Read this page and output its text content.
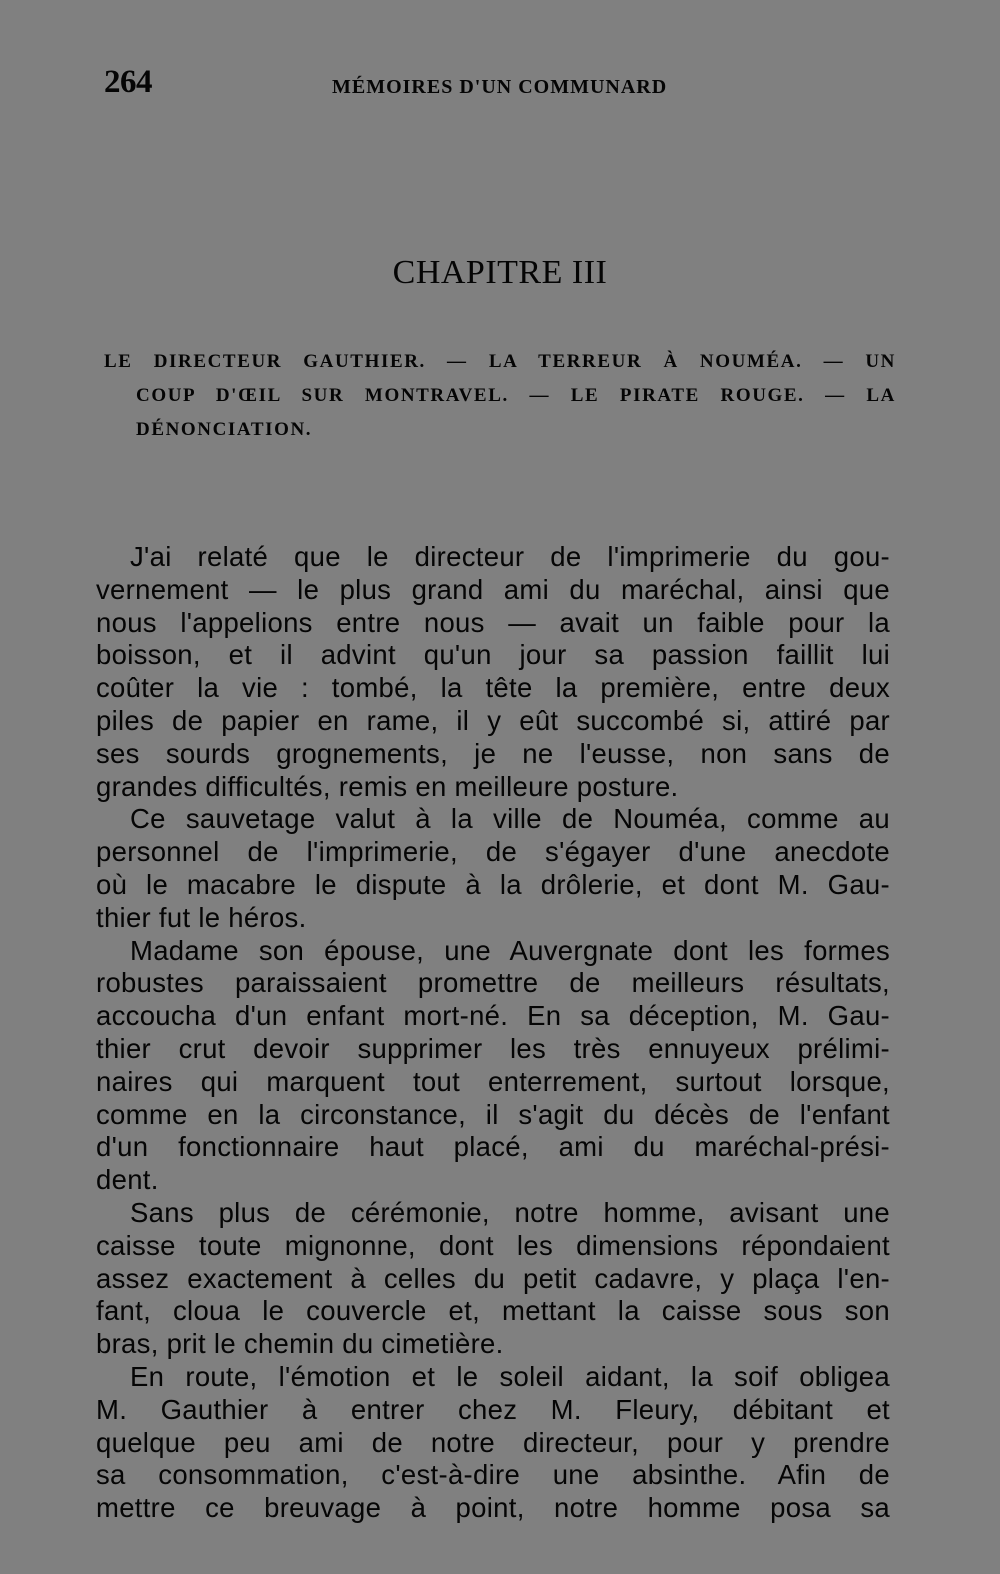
264	MÉMOIRES D'UN COMMUNARD
CHAPITRE III
LE DIRECTEUR GAUTHIER. — LA TERREUR À NOUMÉA. — UN
COUP D'ŒIL SUR MONTRAVEL. — LE PIRATE ROUGE. — LA
DÉNONCIATION.
J'ai relaté que le directeur de l'imprimerie du gou-
vernement — le plus grand ami du maréchal, ainsi que
nous l'appelions entre nous — avait un faible pour la
boisson, et il advint qu'un jour sa passion faillit lui
coûter la vie : tombé, la tête la première, entre deux
piles de papier en rame, il y eût succombé si, attiré par
ses sourds grognements, je ne l'eusse, non sans de
grandes difficultés, remis en meilleure posture.
Ce sauvetage valut à la ville de Nouméa, comme au
personnel de l'imprimerie, de s'égayer d'une anecdote
où le macabre le dispute à la drôlerie, et dont M. Gau-
thier fut le héros.
Madame son épouse, une Auvergnate dont les formes
robustes paraissaient promettre de meilleurs résultats,
accoucha d'un enfant mort-né. En sa déception, M. Gau-
thier crut devoir supprimer les très ennuyeux prélimi-
naires qui marquent tout enterrement, surtout lorsque,
comme en la circonstance, il s'agit du décès de l'enfant
d'un fonctionnaire haut placé, ami du maréchal-prési-
dent.
Sans plus de cérémonie, notre homme, avisant une
caisse toute mignonne, dont les dimensions répondaient
assez exactement à celles du petit cadavre, y plaça l'en-
fant, cloua le couvercle et, mettant la caisse sous son
bras, prit le chemin du cimetière.
En route, l'émotion et le soleil aidant, la soif obligea
M. Gauthier à entrer chez M. Fleury, débitant et
quelque peu ami de notre directeur, pour y prendre
sa consommation, c'est-à-dire une absinthe. Afin de
mettre ce breuvage à point, notre homme posa sa
